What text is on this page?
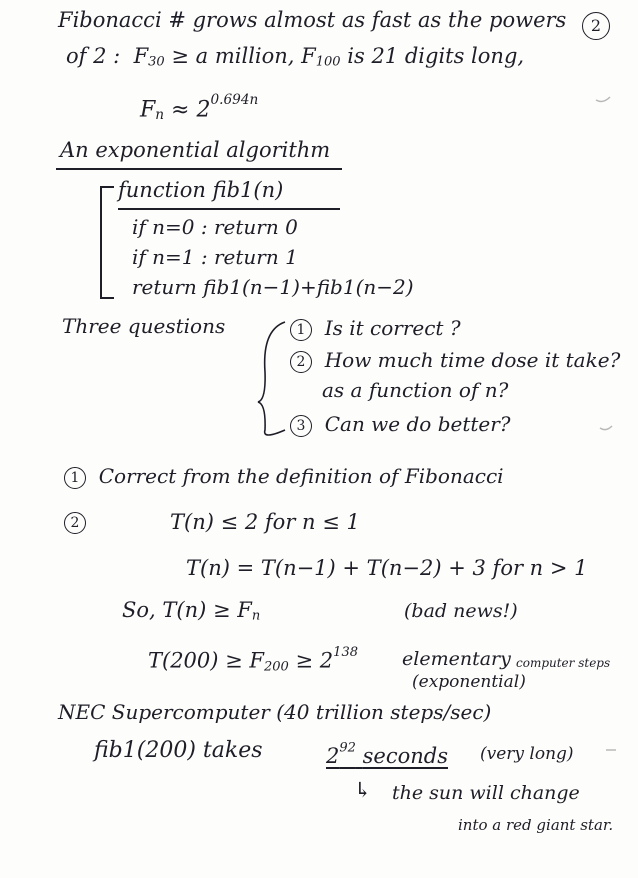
Fibonacci # grows almost as fast as the powers	2
of 2 : $F_{30} \ge a$ million, $F_{100}$ is 21 digits long,
$F_n \approx 2^{0.694n}$
An exponential algorithm
function fib1(n)
if n=0 : return 0
if n=1 : return 1
return fib1(n−1)+fib1(n−2)
Three questions	1 Is it correct ?
2 How much time dose it take?
as a function of n?
3 Can we do better?
1 Correct from the definition of Fibonacci
2	T(n) ≤ 2 for n ≤ 1
T(n) = T(n−1) + T(n−2) + 3 for n > 1
So, $T(n) \ge F_n$	(bad news!)
$T(200) \ge F_{200} \ge 2^{138}$ elementary computer steps
(exponential)
NEC Supercomputer (40 trillion steps/sec)
fib1(200) takes	$2^{92}$ seconds (very long)
↳ the sun will change
into a red giant star.
